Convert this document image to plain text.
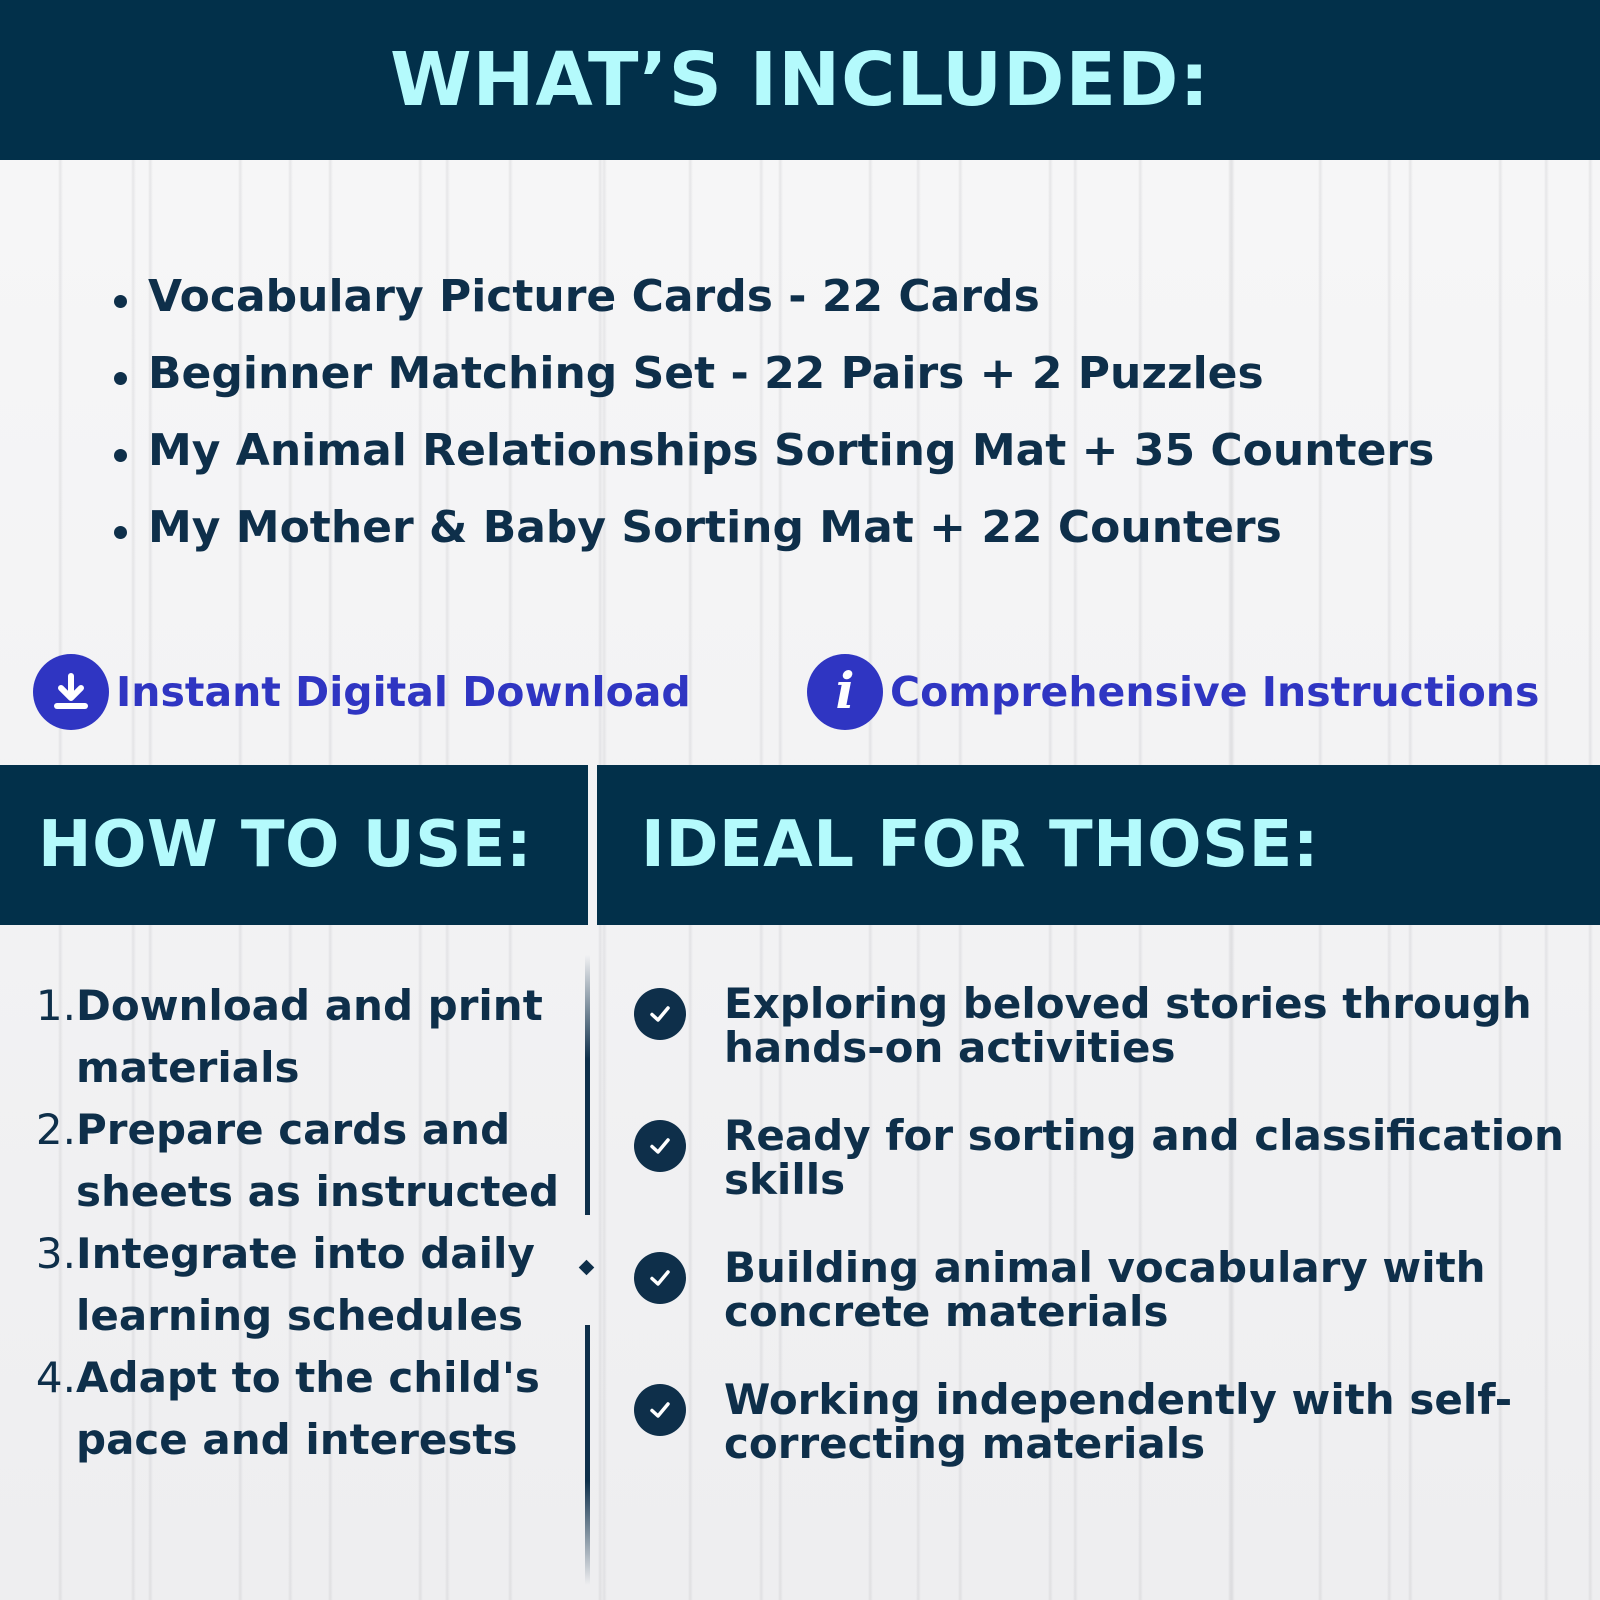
WHAT’S INCLUDED:
Vocabulary Picture Cards - 22 Cards
Beginner Matching Set - 22 Pairs + 2 Puzzles
My Animal Relationships Sorting Mat + 35 Counters
My Mother & Baby Sorting Mat + 22 Counters
Instant Digital Download	i Comprehensive Instructions
HOW TO USE: IDEAL FOR THOSE:
1. Download and print materials
2. Prepare cards and sheets as instructed
3. Integrate into daily learning schedules
4. Adapt to the child's pace and interests
Exploring beloved stories through hands-on activities
Ready for sorting and classification skills
Building animal vocabulary with concrete materials
Working independently with self-correcting materials
